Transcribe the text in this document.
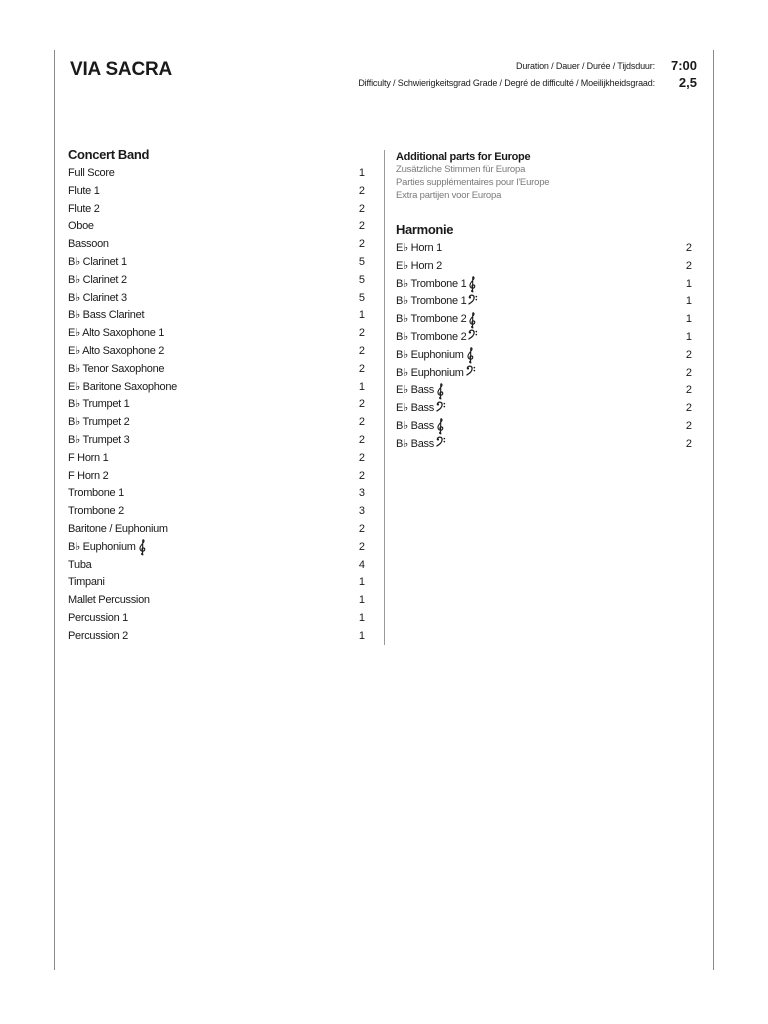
VIA SACRA	Duration / Dauer / Durée / Tijdsduur: 7:00
Difficulty / Schwierigkeitsgrad Grade / Degré de difficulté / Moeilijkheidsgraad: 2,5
Concert Band
Full Score	1
Flute 1	2
Flute 2	2
Oboe	2
Bassoon	2
B♭ Clarinet 1	5
B♭ Clarinet 2	5
B♭ Clarinet 3	5
B♭ Bass Clarinet	1
E♭ Alto Saxophone 1	2
E♭ Alto Saxophone 2	2
B♭ Tenor Saxophone	2
E♭ Baritone Saxophone	1
B♭ Trumpet 1	2
B♭ Trumpet 2	2
B♭ Trumpet 3	2
F Horn 1	2
F Horn 2	2
Trombone 1	3
Trombone 2	3
Baritone / Euphonium	2
B♭ Euphonium	2
Tuba	4
Timpani	1
Mallet Percussion	1
Percussion 1	1
Percussion 2	1
Additional parts for Europe
Zusätzliche Stimmen für Europa
Parties supplémentaires pour l'Europe
Extra partijen voor Europa
Harmonie
E♭ Horn 1	2
E♭ Horn 2	2
B♭ Trombone 1	1
B♭ Trombone 1	1
B♭ Trombone 2	1
B♭ Trombone 2	1
B♭ Euphonium	2
B♭ Euphonium	2
E♭ Bass	2
E♭ Bass	2
B♭ Bass	2
B♭ Bass	2
